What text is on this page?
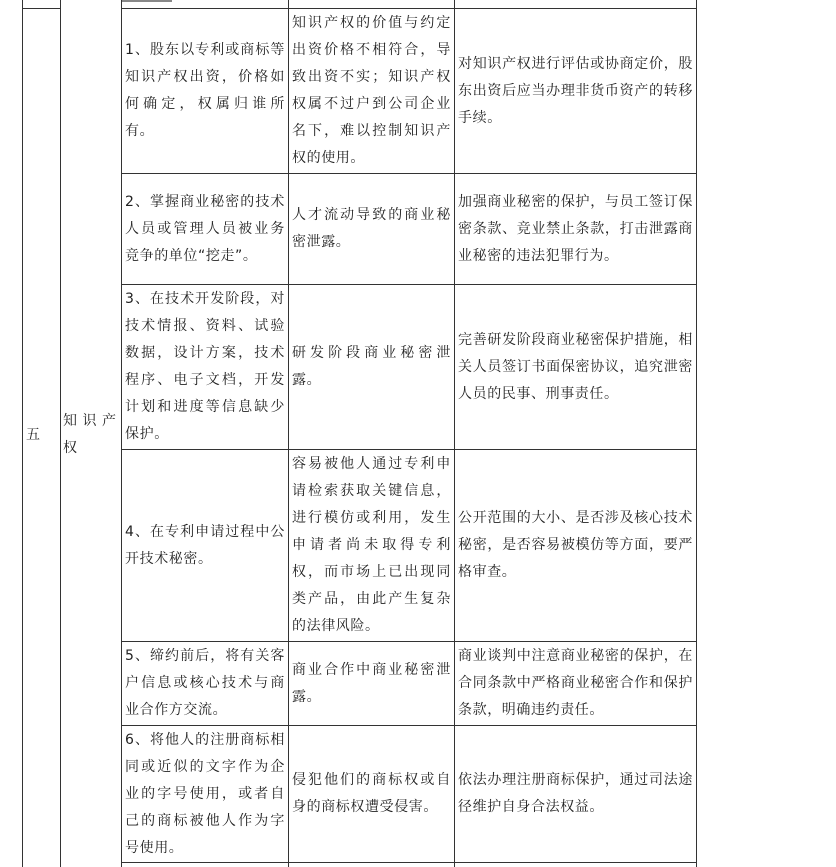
五
知识产权
1、股东以专利或商标等知识产权出资，价格如何确定，权属归谁所有。
知识产权的价值与约定出资价格不相符合，导致出资不实；知识产权权属不过户到公司企业名下，难以控制知识产权的使用。
对知识产权进行评估或协商定价，股东出资后应当办理非货币资产的转移手续。
2、掌握商业秘密的技术人员或管理人员被业务竞争的单位“挖走”。
人才流动导致的商业秘密泄露。
加强商业秘密的保护，与员工签订保密条款、竞业禁止条款，打击泄露商业秘密的违法犯罪行为。
3、在技术开发阶段，对技术情报、资料、试验数据，设计方案，技术程序、电子文档，开发计划和进度等信息缺少保护。
研发阶段商业秘密泄露。
完善研发阶段商业秘密保护措施，相关人员签订书面保密协议，追究泄密人员的民事、刑事责任。
4、在专利申请过程中公开技术秘密。
容易被他人通过专利申请检索获取关键信息，进行模仿或利用，发生申请者尚未取得专利权，而市场上已出现同类产品，由此产生复杂的法律风险。
公开范围的大小、是否涉及核心技术秘密，是否容易被模仿等方面，要严格审查。
5、缔约前后，将有关客户信息或核心技术与商业合作方交流。
商业合作中商业秘密泄露。
商业谈判中注意商业秘密的保护，在合同条款中严格商业秘密合作和保护条款，明确违约责任。
6、将他人的注册商标相同或近似的文字作为企业的字号使用，或者自己的商标被他人作为字号使用。
侵犯他们的商标权或自身的商标权遭受侵害。
依法办理注册商标保护，通过司法途径维护自身合法权益。
